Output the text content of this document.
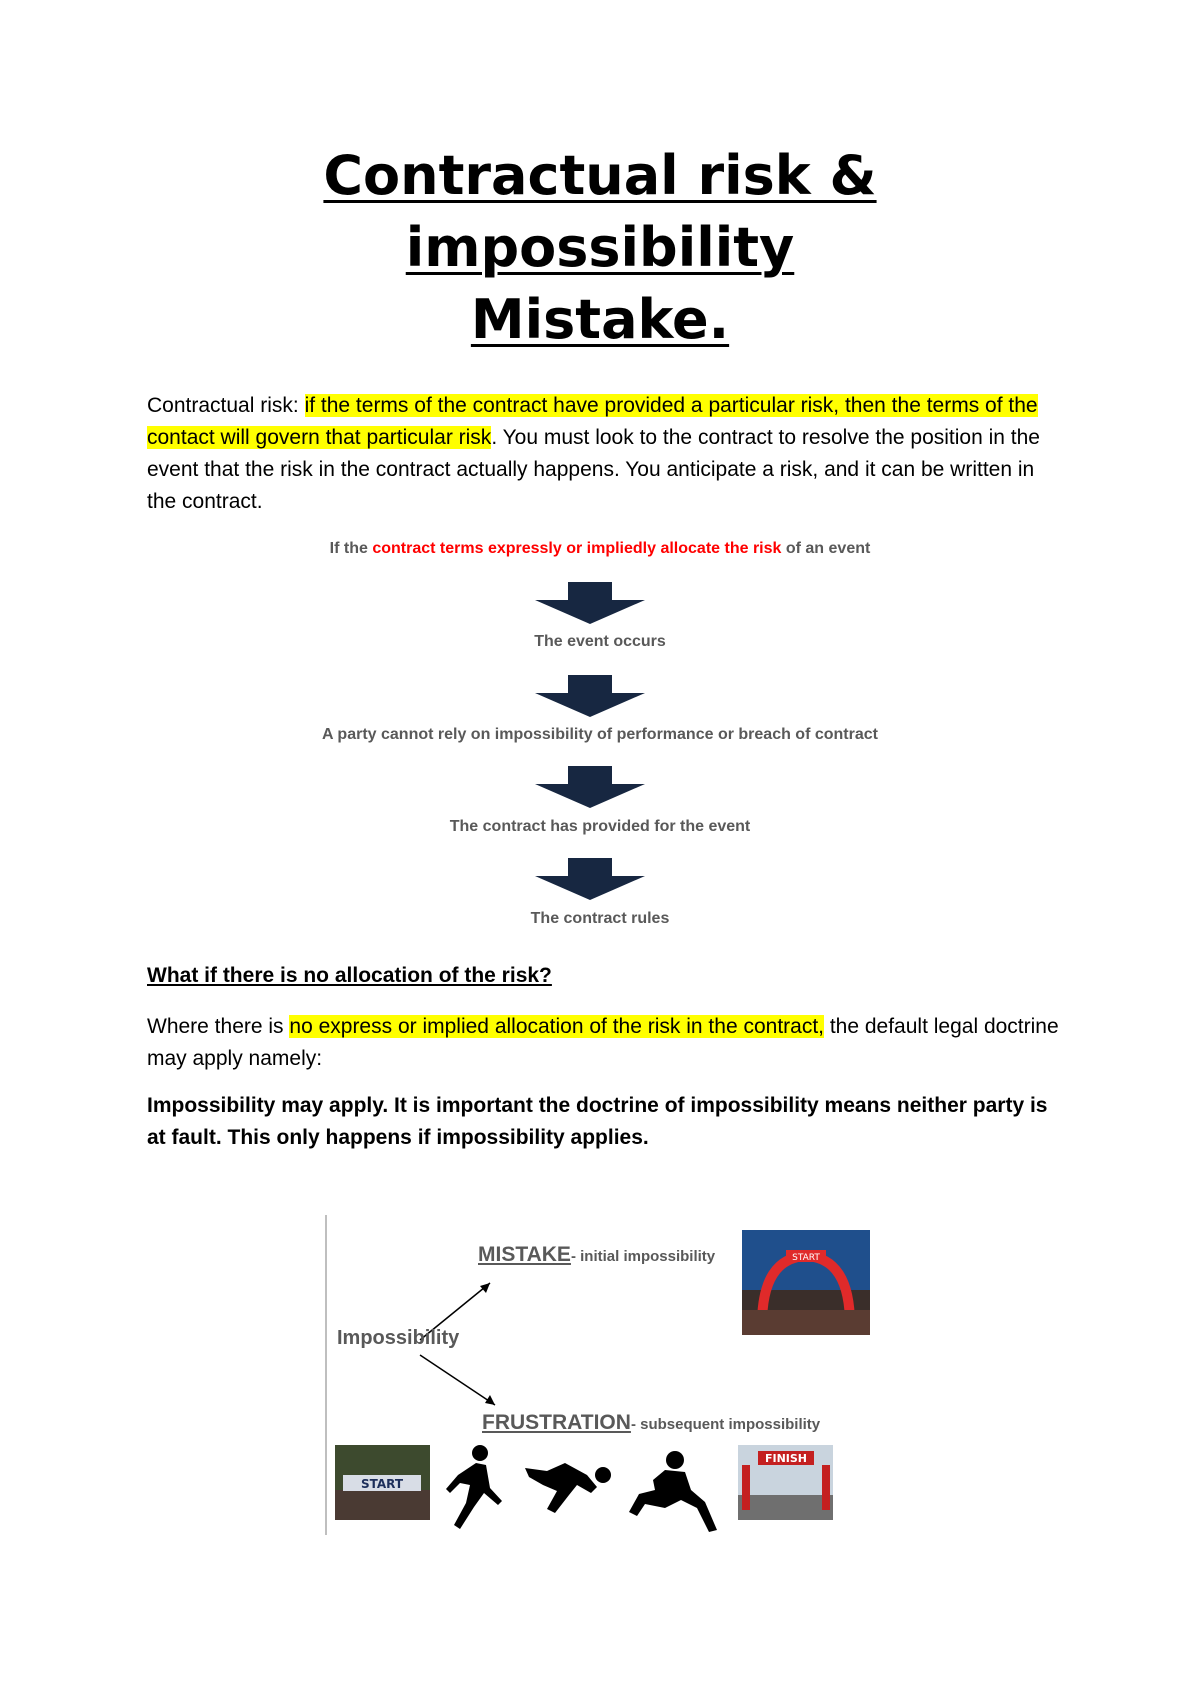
Contractual risk &
impossibility
Mistake.
Contractual risk: if the terms of the contract have provided a particular risk, then the terms of the contact will govern that particular risk. You must look to the contract to resolve the position in the event that the risk in the contract actually happens. You anticipate a risk, and it can be written in the contract.
If the contract terms expressly or impliedly allocate the risk of an event
The event occurs
A party cannot rely on impossibility of performance or breach of contract
The contract has provided for the event
The contract rules
What if there is no allocation of the risk?
Where there is no express or implied allocation of the risk in the contract, the default legal doctrine may apply namely:
Impossibility may apply. It is important the doctrine of impossibility means neither party is at fault. This only happens if impossibility applies.
Impossibility
MISTAKE- initial impossibility
FRUSTRATION- subsequent impossibility
START
START
FINISH
